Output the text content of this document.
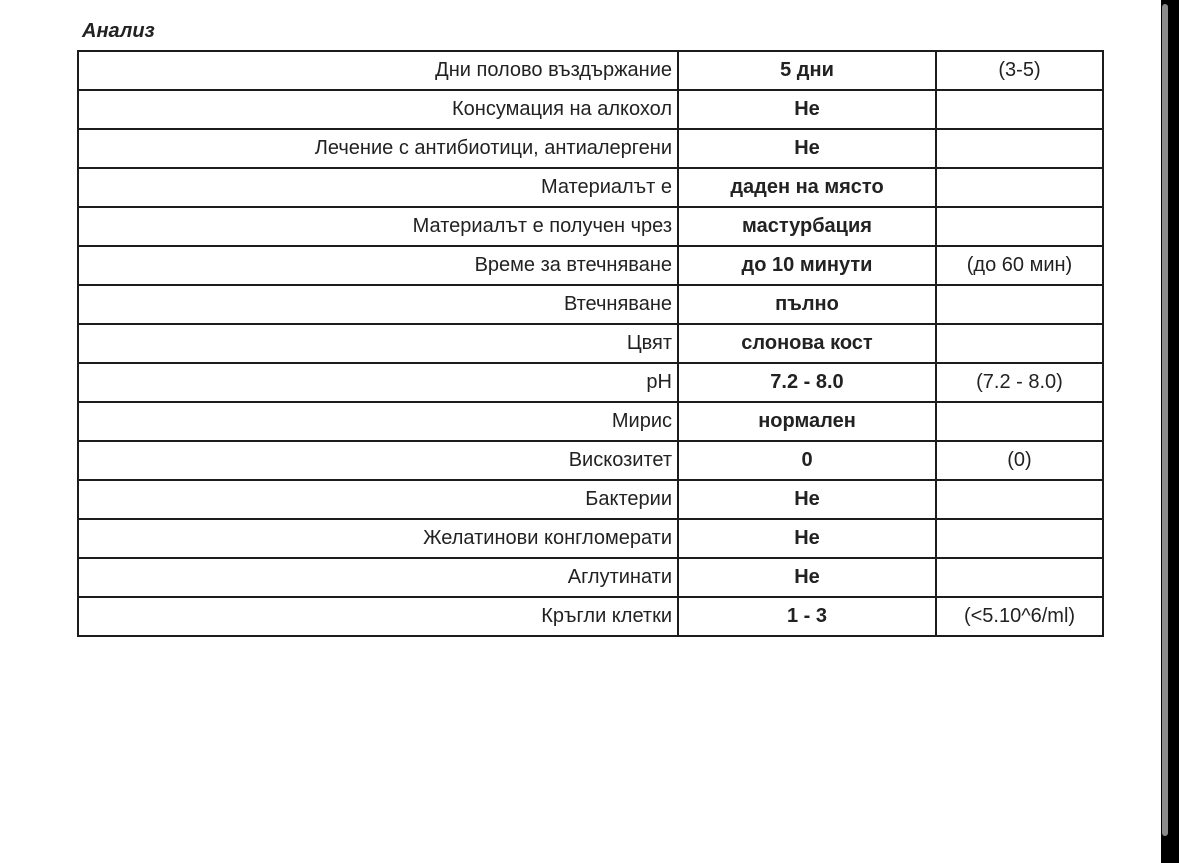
Анализ
Дни полово въздържание	5 дни	(3-5)
Консумация на алкохол	Не	
Лечение с антибиотици, антиалергени	Не	
Материалът е	даден на място	
Материалът е получен чрез	мастурбация	
Време за втечняване	до 10 минути	(до 60 мин)
Втечняване	пълно	
Цвят	слонова кост	
pH	7.2 - 8.0	(7.2 - 8.0)
Мирис	нормален	
Вискозитет	0	(0)
Бактерии	Не	
Желатинови конгломерати	Не	
Аглутинати	Не	
Кръгли клетки	1 - 3	(<5.10^6/ml)
